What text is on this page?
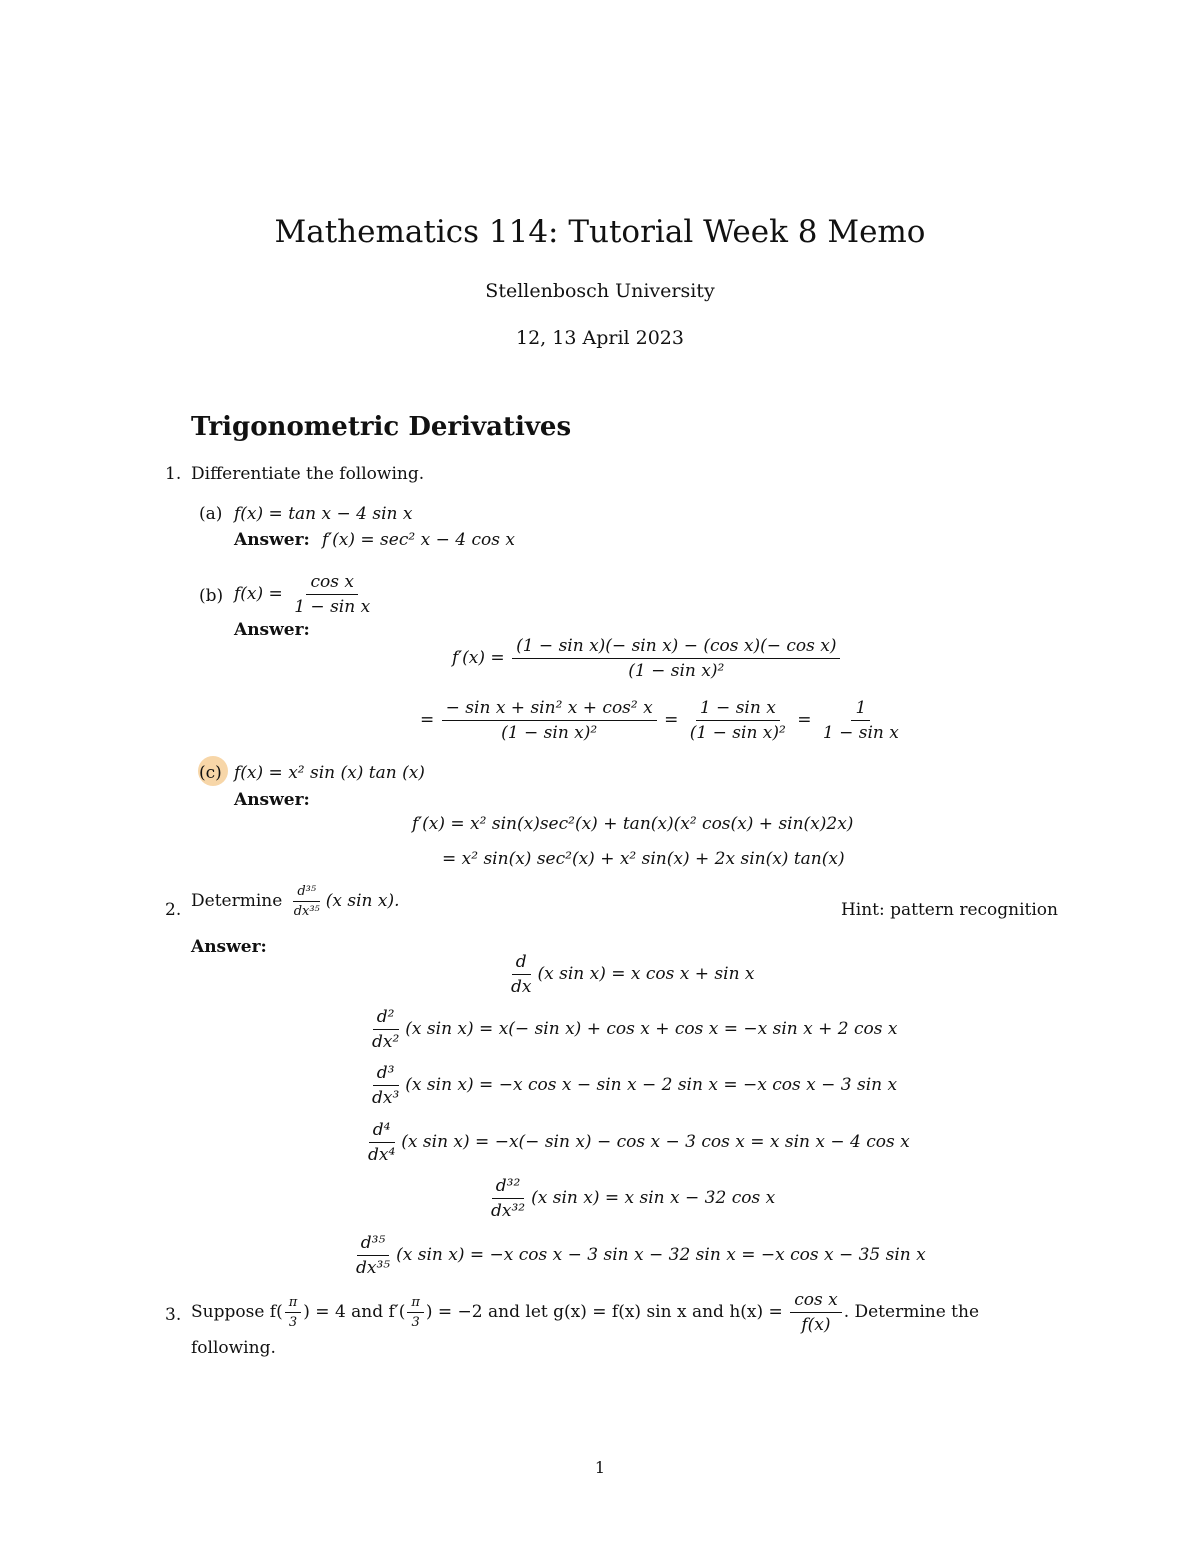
Mathematics 114: Tutorial Week 8 Memo
Stellenbosch University
12, 13 April 2023
Trigonometric Derivatives
1. Differentiate the following.
(a) f(x) = tan x − 4 sin x
Answer: f′(x) = sec² x − 4 cos x
(b) $f(x) = \frac{\text{cos x}}{\text{1 − sin x}}$
Answer:
$f'(x) = \frac{\text{(1 − sin x)(− sin x) − (cos x)(− cos x)}}{\text{(1 − sin x)²}}$
= $\frac{\text{− sin x + sin² x + cos² x}}{\text{(1 − sin x)²}} = \frac{\text{1 − sin x}}{\text{(1 − sin x)²}} = \frac{1}{\text{1 − sin x}}$
(c) f(x) = x² sin (x) tan (x)
Answer:
f′(x) = x² sin(x)sec²(x) + tan(x)(x² cos(x) + sin(x)2x)
= x² sin(x) sec²(x) + x² sin(x) + 2x sin(x) tan(x)
2. Determine $\frac{\text{d³⁵}}{\text{dx³⁵}} (x$ sin x).	Hint: pattern recognition
Answer:
$\frac{d}{dx} (x$ sin x) = x cos x + sin x
$\frac{\text{d²}}{\text{dx²}} (x$ sin x) = x(− sin x) + cos x + cos x = −x sin x + 2 cos x
$\frac{\text{d³}}{\text{dx³}} (x$ sin x) = −x cos x − sin x − 2 sin x = −x cos x − 3 sin x
$\frac{\text{d⁴}}{\text{dx⁴}} (x$ sin x) = −x(− sin x) − cos x − 3 cos x = x sin x − 4 cos x
$\frac{\text{d³²}}{\text{dx³²}} (x$ sin x) = x sin x − 32 cos x
$\frac{\text{d³⁵}}{\text{dx³⁵}} (x$ sin x) = −x cos x − 3 sin x − 32 sin x = −x cos x − 35 sin x
3. Suppose $f( \frac{\pi}{3}$ ) = 4 and $f'( \frac{\pi}{3}$ ) = −2 and let g(x) = f(x) sin x and $h(x) = \frac{\text{cos x}}{f(x)}$ . Determine the
following.
1
